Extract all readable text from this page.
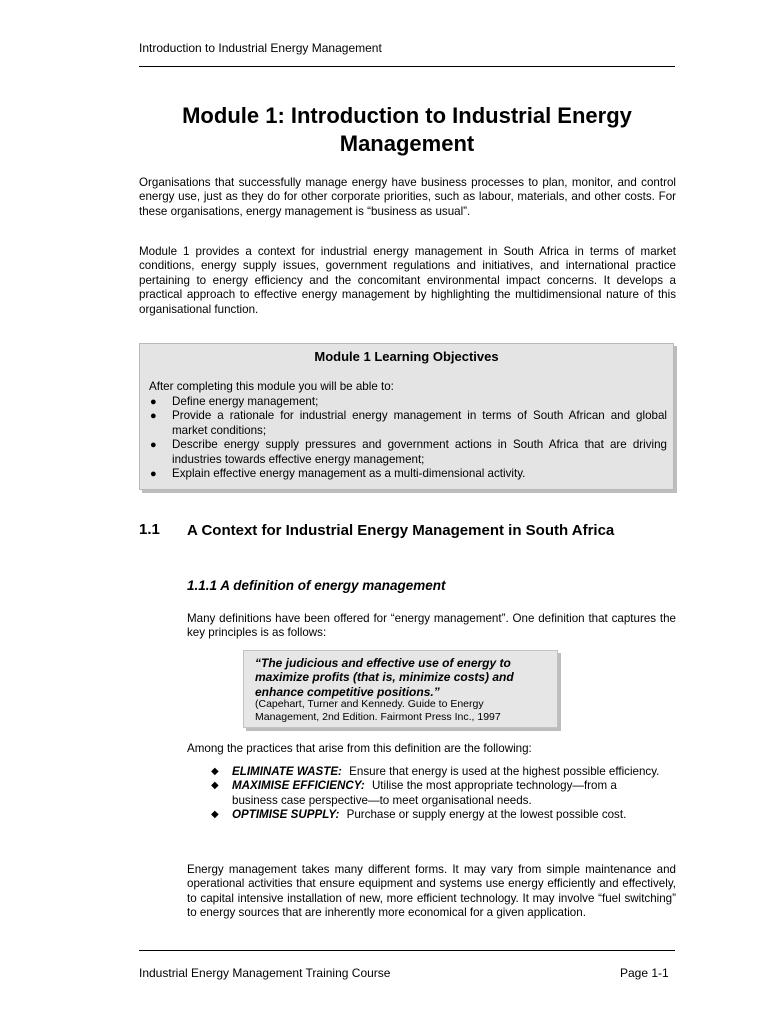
Introduction to Industrial Energy Management
Module 1: Introduction to Industrial Energy Management

Organisations that successfully manage energy have business processes to plan, monitor, and control energy use, just as they do for other corporate priorities, such as labour, materials, and other costs. For these organisations, energy management is “business as usual”.

Module 1 provides a context for industrial energy management in South Africa in terms of market conditions, energy supply issues, government regulations and initiatives, and international practice pertaining to energy efficiency and the concomitant environmental impact concerns. It develops a practical approach to effective energy management by highlighting the multidimensional nature of this organisational function.

Module 1 Learning Objectives
After completing this module you will be able to:
● Define energy management;
● Provide a rationale for industrial energy management in terms of South African and global market conditions;
● Describe energy supply pressures and government actions in South Africa that are driving industries towards effective energy management;
● Explain effective energy management as a multi-dimensional activity.
1.1 A Context for Industrial Energy Management in South Africa
1.1.1 A definition of energy management

Many definitions have been offered for “energy management”. One definition that captures the key principles is as follows:

“The judicious and effective use of energy to maximize profits (that is, minimize costs) and enhance competitive positions.”
(Capehart, Turner and Kennedy. Guide to Energy Management, 2nd Edition. Fairmont Press Inc., 1997

Among the practices that arise from this definition are the following:

◆ ELIMINATE WASTE: Ensure that energy is used at the highest possible efficiency.
◆ MAXIMISE EFFICIENCY: Utilise the most appropriate technology—from a business case perspective—to meet organisational needs.
◆ OPTIMISE SUPPLY: Purchase or supply energy at the lowest possible cost.

Energy management takes many different forms. It may vary from simple maintenance and operational activities that ensure equipment and systems use energy efficiently and effectively, to capital intensive installation of new, more efficient technology. It may involve “fuel switching” to energy sources that are inherently more economical for a given application.

Industrial Energy Management Training Course	Page 1-1
